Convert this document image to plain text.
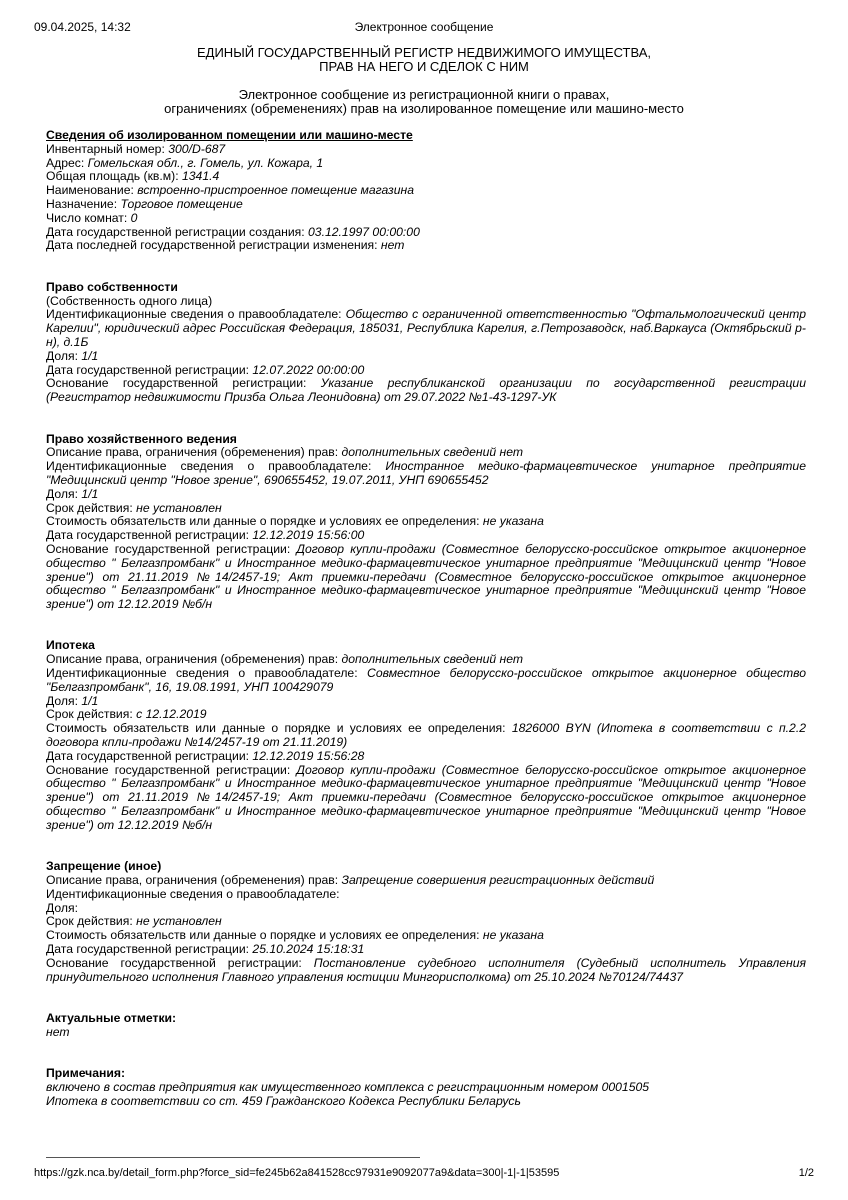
09.04.2025, 14:32	Электронное сообщение
ЕДИНЫЙ ГОСУДАРСТВЕННЫЙ РЕГИСТР НЕДВИЖИМОГО ИМУЩЕСТВА,
ПРАВ НА НЕГО И СДЕЛОК С НИМ
Электронное сообщение из регистрационной книги о правах,
ограничениях (обременениях) прав на изолированное помещение или машино-место
Сведения об изолированном помещении или машино-месте
Инвентарный номер: 300/D-687
Адрес: Гомельская обл., г. Гомель, ул. Кожара, 1
Общая площадь (кв.м): 1341.4
Наименование: встроенно-пристроенное помещение магазина
Назначение: Торговое помещение
Число комнат: 0
Дата государственной регистрации создания: 03.12.1997 00:00:00
Дата последней государственной регистрации изменения: нет
Право собственности
(Собственность одного лица)
Идентификационные сведения о правообладателе: Общество с ограниченной ответственностью "Офтальмологический центр Карелии", юридический адрес Российская Федерация, 185031, Республика Карелия, г.Петрозаводск, наб.Варкауса (Октябрьский р-н), д.1Б
Доля: 1/1
Дата государственной регистрации: 12.07.2022 00:00:00
Основание государственной регистрации: Указание республиканской организации по государственной регистрации (Регистратор недвижимости Призба Ольга Леонидовна) от 29.07.2022 №1-43-1297-УК
Право хозяйственного ведения
Описание права, ограничения (обременения) прав: дополнительных сведений нет
Идентификационные сведения о правообладателе: Иностранное медико-фармацевтическое унитарное предприятие "Медицинский центр "Новое зрение", 690655452, 19.07.2011, УНП 690655452
Доля: 1/1
Срок действия: не установлен
Стоимость обязательств или данные о порядке и условиях ее определения: не указана
Дата государственной регистрации: 12.12.2019 15:56:00
Основание государственной регистрации: Договор купли-продажи (Совместное белорусско-российское открытое акционерное общество " Белгазпромбанк" и Иностранное медико-фармацевтическое унитарное предприятие "Медицинский центр "Новое зрение") от 21.11.2019 №14/2457-19; Акт приемки-передачи (Совместное белорусско-российское открытое акционерное общество " Белгазпромбанк" и Иностранное медико-фармацевтическое унитарное предприятие "Медицинский центр "Новое зрение") от 12.12.2019 №б/н
Ипотека
Описание права, ограничения (обременения) прав: дополнительных сведений нет
Идентификационные сведения о правообладателе: Совместное белорусско-российское открытое акционерное общество "Белгазпромбанк", 16, 19.08.1991, УНП 100429079
Доля: 1/1
Срок действия: с 12.12.2019
Стоимость обязательств или данные о порядке и условиях ее определения: 1826000 BYN (Ипотека в соответствии с п.2.2 договора кпли-продажи №14/2457-19 от 21.11.2019)
Дата государственной регистрации: 12.12.2019 15:56:28
Основание государственной регистрации: Договор купли-продажи (Совместное белорусско-российское открытое акционерное общество " Белгазпромбанк" и Иностранное медико-фармацевтическое унитарное предприятие "Медицинский центр "Новое зрение") от 21.11.2019 №14/2457-19; Акт приемки-передачи (Совместное белорусско-российское открытое акционерное общество " Белгазпромбанк" и Иностранное медико-фармацевтическое унитарное предприятие "Медицинский центр "Новое зрение") от 12.12.2019 №б/н
Запрещение (иное)
Описание права, ограничения (обременения) прав: Запрещение совершения регистрационных действий
Идентификационные сведения о правообладателе:
Доля:
Срок действия: не установлен
Стоимость обязательств или данные о порядке и условиях ее определения: не указана
Дата государственной регистрации: 25.10.2024 15:18:31
Основание государственной регистрации: Постановление судебного исполнителя (Судебный исполнитель Управления принудительного исполнения Главного управления юстиции Мингорисполкома) от 25.10.2024 №70124/74437
Актуальные отметки:
нет
Примечания:
включено в состав предприятия как имущественного комплекса с регистрационным номером 0001505
Ипотека в соответствии со ст. 459 Гражданского Кодекса Республики Беларусь
https://gzk.nca.by/detail_form.php?force_sid=fe245b62a841528cc97931e9092077a9&data=300|-1|-1|53595	1/2
